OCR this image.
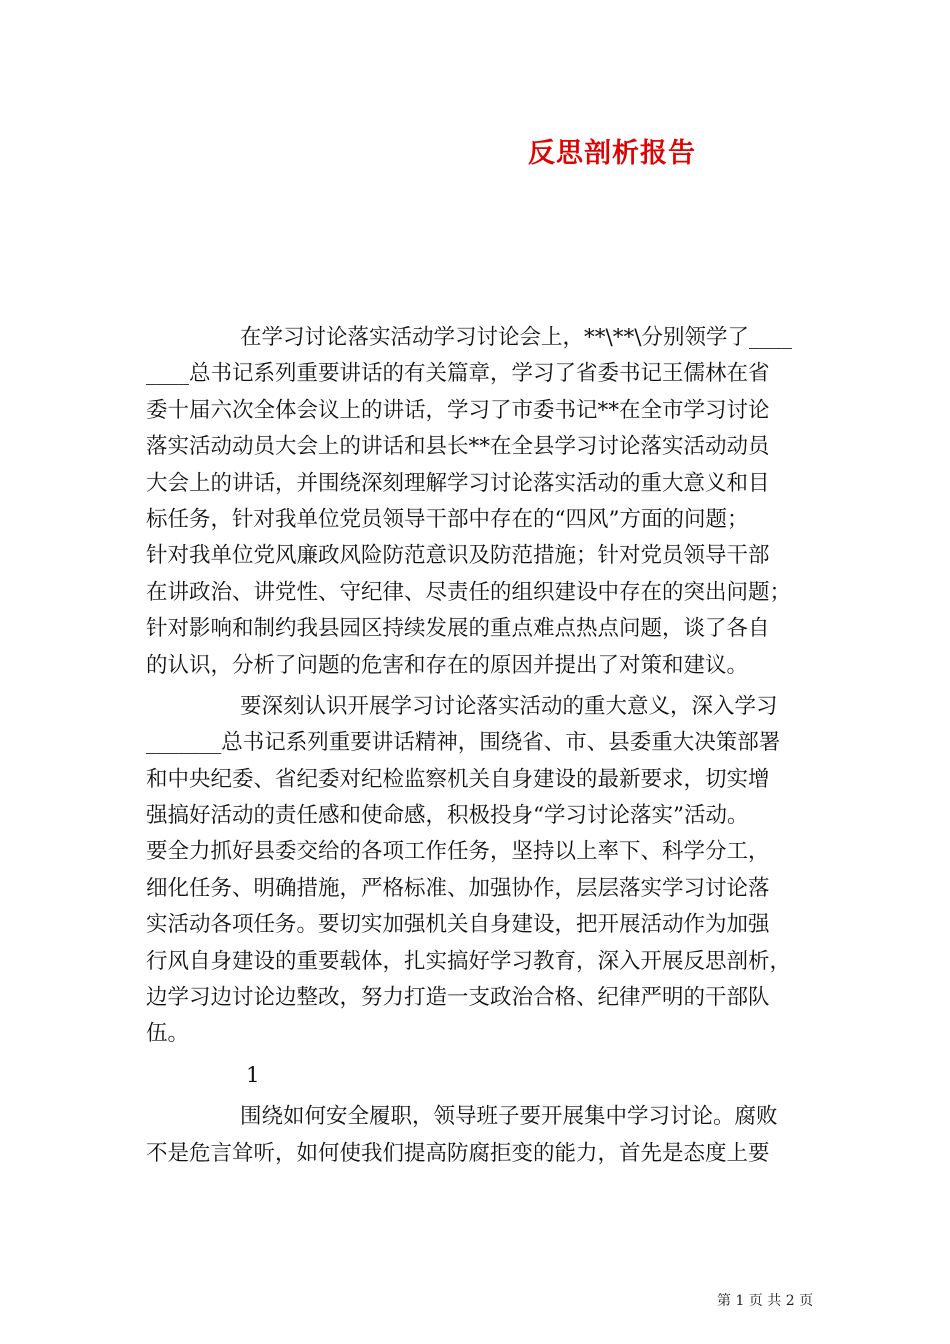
反思剖析报告
在学习讨论落实活动学习讨论会上，**\**\分别领学了____
____总书记系列重要讲话的有关篇章，学习了省委书记王儒林在省
委十届六次全体会议上的讲话，学习了市委书记**在全市学习讨论
落实活动动员大会上的讲话和县长**在全县学习讨论落实活动动员
大会上的讲话，并围绕深刻理解学习讨论落实活动的重大意义和目
标任务，针对我单位党员领导干部中存在的“四风”方面的问题；
针对我单位党风廉政风险防范意识及防范措施；针对党员领导干部
在讲政治、讲党性、守纪律、尽责任的组织建设中存在的突出问题；
针对影响和制约我县园区持续发展的重点难点热点问题，谈了各自
的认识，分析了问题的危害和存在的原因并提出了对策和建议。
要深刻认识开展学习讨论落实活动的重大意义，深入学习
_______总书记系列重要讲话精神，围绕省、市、县委重大决策部署
和中央纪委、省纪委对纪检监察机关自身建设的最新要求，切实增
强搞好活动的责任感和使命感，积极投身“学习讨论落实”活动。
要全力抓好县委交给的各项工作任务，坚持以上率下、科学分工，
细化任务、明确措施，严格标准、加强协作，层层落实学习讨论落
实活动各项任务。要切实加强机关自身建设，把开展活动作为加强
行风自身建设的重要载体，扎实搞好学习教育，深入开展反思剖析，
边学习边讨论边整改，努力打造一支政治合格、纪律严明的干部队
伍。
1
围绕如何安全履职，领导班子要开展集中学习讨论。腐败
不是危言耸听，如何使我们提高防腐拒变的能力，首先是态度上要
第 1 页 共 2 页
